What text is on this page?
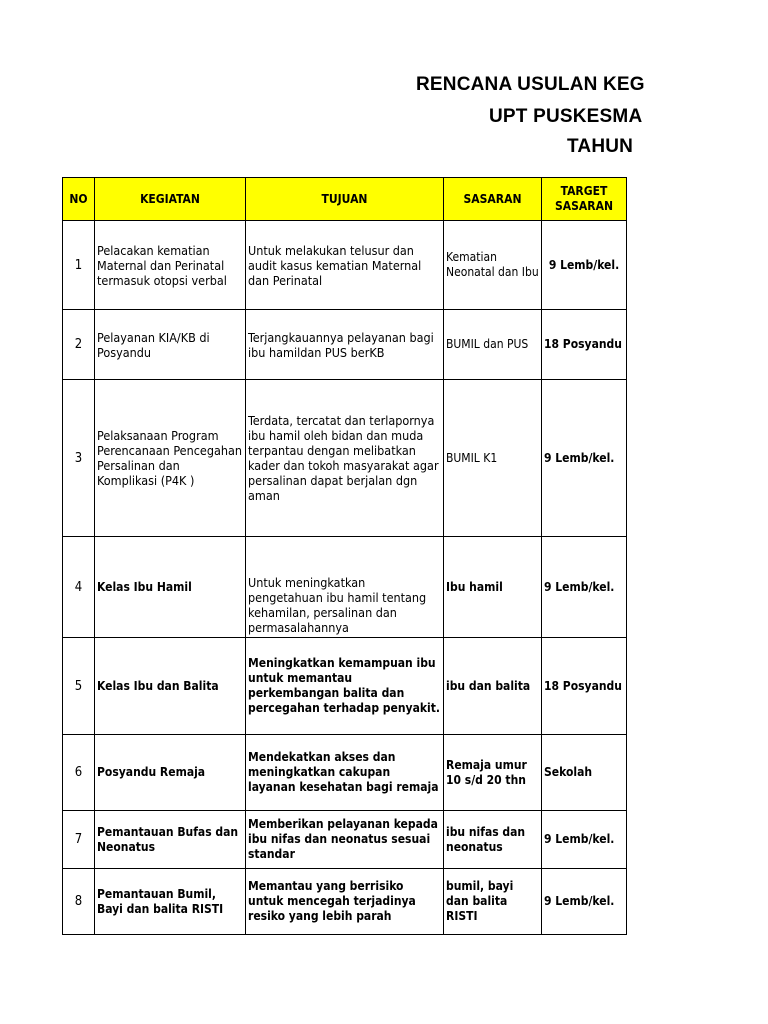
RENCANA USULAN KEG
UPT PUSKESMA
TAHUN
NO	KEGIATAN	TUJUAN	SASARAN	TARGET SASARAN
1	Pelacakan kematian Maternal dan Perinatal termasuk otopsi verbal	Untuk melakukan telusur dan audit kasus kematian Maternal dan Perinatal	Kematian Neonatal dan Ibu	9 Lemb/kel.
2	Pelayanan KIA/KB di Posyandu	Terjangkauannya pelayanan bagi ibu hamildan PUS berKB	BUMIL dan PUS	18 Posyandu
3	Pelaksanaan Program Perencanaan Pencegahan Persalinan dan Komplikasi (P4K )	Terdata, tercatat dan terlapornya ibu hamil oleh bidan dan muda terpantau dengan melibatkan kader dan tokoh masyarakat agar persalinan dapat berjalan dgn aman	BUMIL K1	9 Lemb/kel.
4	Kelas Ibu Hamil	Untuk meningkatkan pengetahuan ibu hamil tentang kehamilan, persalinan dan permasalahannya	Ibu hamil	9 Lemb/kel.
5	Kelas Ibu dan Balita	Meningkatkan kemampuan ibu untuk memantau perkembangan balita dan percegahan terhadap penyakit.	ibu dan balita	18 Posyandu
6	Posyandu Remaja	Mendekatkan akses dan meningkatkan cakupan layanan kesehatan bagi remaja	Remaja umur 10 s/d 20 thn	Sekolah
7	Pemantauan Bufas dan Neonatus	Memberikan pelayanan kepada ibu nifas dan neonatus sesuai standar	ibu nifas dan neonatus	9 Lemb/kel.
8	Pemantauan Bumil, Bayi dan balita RISTI	Memantau yang berrisiko untuk mencegah terjadinya resiko yang lebih parah	bumil, bayi dan balita RISTI	9 Lemb/kel.
